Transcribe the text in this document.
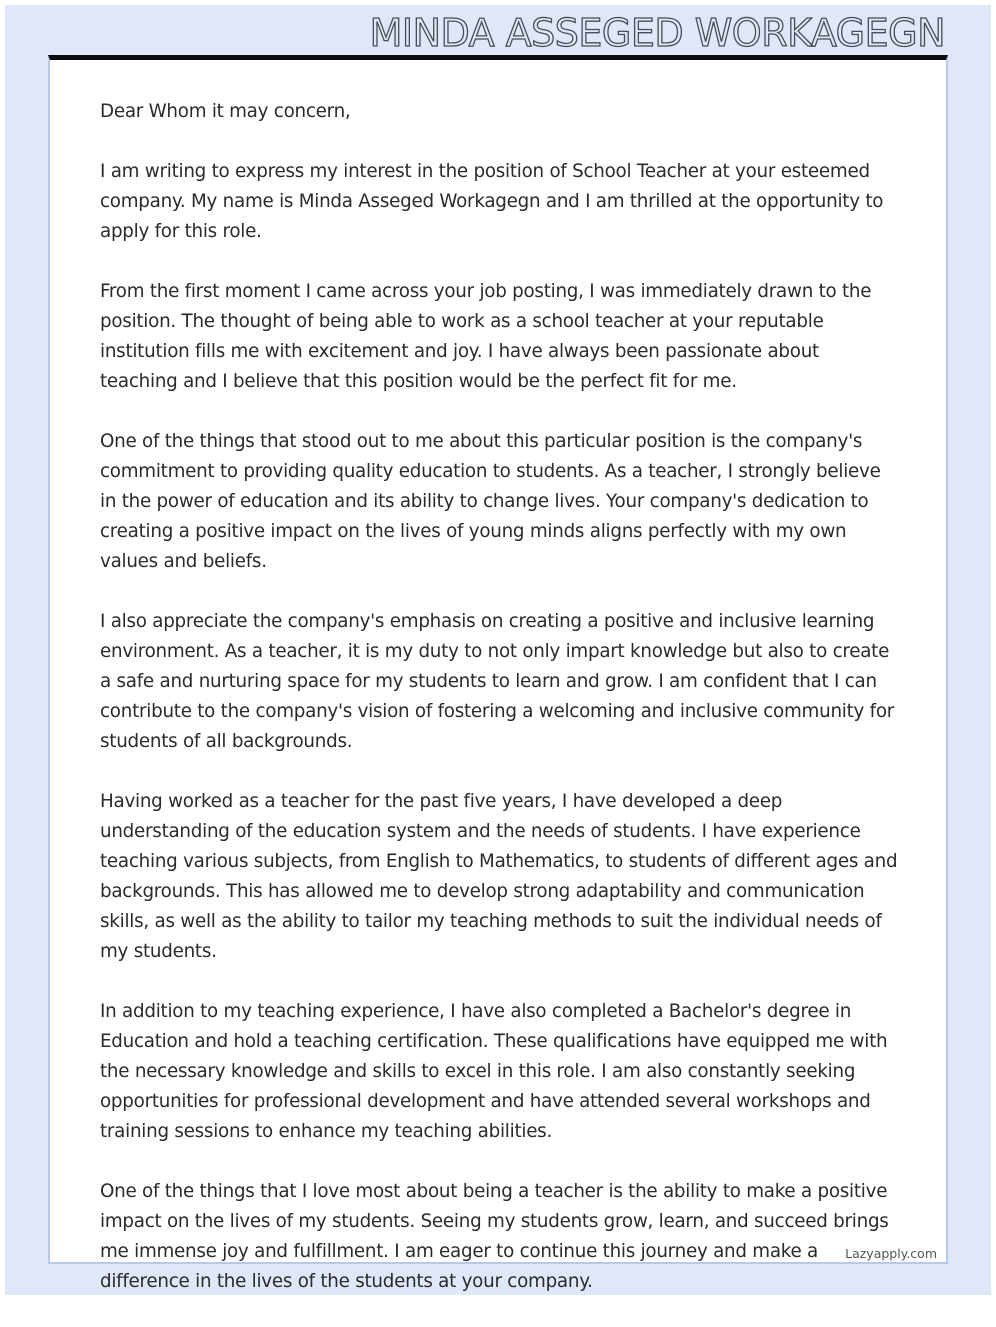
MINDA ASSEGED WORKAGEGN

Dear Whom it may concern,

I am writing to express my interest in the position of School Teacher at your esteemed company. My name is Minda Asseged Workagegn and I am thrilled at the opportunity to apply for this role.

From the first moment I came across your job posting, I was immediately drawn to the position. The thought of being able to work as a school teacher at your reputable institution fills me with excitement and joy. I have always been passionate about teaching and I believe that this position would be the perfect fit for me.

One of the things that stood out to me about this particular position is the company's commitment to providing quality education to students. As a teacher, I strongly believe in the power of education and its ability to change lives. Your company's dedication to creating a positive impact on the lives of young minds aligns perfectly with my own values and beliefs.

I also appreciate the company's emphasis on creating a positive and inclusive learning environment. As a teacher, it is my duty to not only impart knowledge but also to create a safe and nurturing space for my students to learn and grow. I am confident that I can contribute to the company's vision of fostering a welcoming and inclusive community for students of all backgrounds.

Having worked as a teacher for the past five years, I have developed a deep understanding of the education system and the needs of students. I have experience teaching various subjects, from English to Mathematics, to students of different ages and backgrounds. This has allowed me to develop strong adaptability and communication skills, as well as the ability to tailor my teaching methods to suit the individual needs of my students.

In addition to my teaching experience, I have also completed a Bachelor's degree in Education and hold a teaching certification. These qualifications have equipped me with the necessary knowledge and skills to excel in this role. I am also constantly seeking opportunities for professional development and have attended several workshops and training sessions to enhance my teaching abilities.

One of the things that I love most about being a teacher is the ability to make a positive impact on the lives of my students. Seeing my students grow, learn, and succeed brings me immense joy and fulfillment. I am eager to continue this journey and make a difference in the lives of the students at your company.

Lazyapply.com
